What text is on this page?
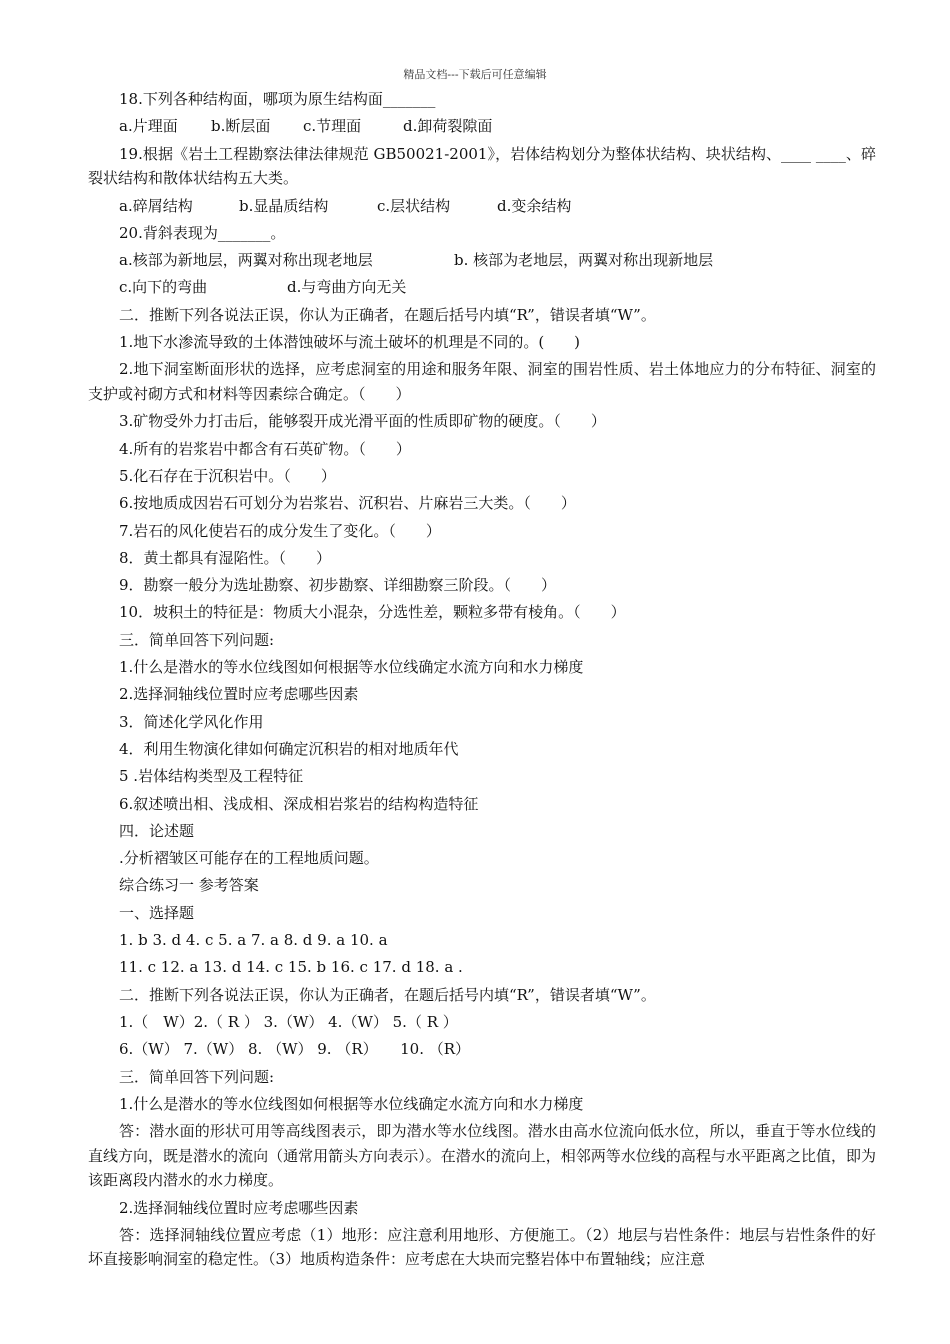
精品文档---下载后可任意编辑
18.下列各种结构面，哪项为原生结构面_______
a.片理面 b.断层面 c.节理面	d.卸荷裂隙面
19.根据《岩土工程勘察法律法律规范 GB50021-2001》，岩体结构划分为整体状结构、块状结构、____ ____、碎裂状结构和散体状结构五大类。
a.碎屑结构	b.显晶质结构	c.层状结构	d.变余结构
20.背斜表现为_______。
a.核部为新地层，两翼对称出现老地层	b. 核部为老地层，两翼对称出现新地层
c.向下的弯曲	d.与弯曲方向无关
二．推断下列各说法正误，你认为正确者，在题后括号内填“R”，错误者填“W”。
1.地下水渗流导致的土体潜蚀破坏与流土破坏的机理是不同的。(　　)
2.地下洞室断面形状的选择，应考虑洞室的用途和服务年限、洞室的围岩性质、岩土体地应力的分布特征、洞室的支护或衬砌方式和材料等因素综合确定。（　　）
3.矿物受外力打击后，能够裂开成光滑平面的性质即矿物的硬度。（　　）
4.所有的岩浆岩中都含有石英矿物。（　　）
5.化石存在于沉积岩中。（　　）
6.按地质成因岩石可划分为岩浆岩、沉积岩、片麻岩三大类。（　　）
7.岩石的风化使岩石的成分发生了变化。（　　）
8．黄土都具有湿陷性。（　　）
9．勘察一般分为选址勘察、初步勘察、详细勘察三阶段。（　　）
10．坡积土的特征是：物质大小混杂，分选性差，颗粒多带有棱角。（　　）
三．简单回答下列问题:
1.什么是潜水的等水位线图如何根据等水位线确定水流方向和水力梯度
2.选择洞轴线位置时应考虑哪些因素
3．简述化学风化作用
4．利用生物演化律如何确定沉积岩的相对地质年代
5 .岩体结构类型及工程特征
6.叙述喷出相、浅成相、深成相岩浆岩的结构构造特征
四．论述题
.分析褶皱区可能存在的工程地质问题。
综合练习一 参考答案
一、选择题
1. b 3. d 4. c 5. a 7. a 8. d 9. a 10. a
11. c 12. a 13. d 14. c 15. b 16. c 17. d 18. a .
二．推断下列各说法正误，你认为正确者，在题后括号内填“R”，错误者填“W”。
1.（　W）2.（ R ） 3.（W） 4.（W） 5.（ R ）
6.（W） 7.（W） 8. （W） 9. （R）　　10. （R）
三．简单回答下列问题:
1.什么是潜水的等水位线图如何根据等水位线确定水流方向和水力梯度
答：潜水面的形状可用等高线图表示，即为潜水等水位线图。潜水由高水位流向低水位，所以，垂直于等水位线的直线方向，既是潜水的流向（通常用箭头方向表示）。在潜水的流向上，相邻两等水位线的高程与水平距离之比值，即为该距离段内潜水的水力梯度。
2.选择洞轴线位置时应考虑哪些因素
答：选择洞轴线位置应考虑（1）地形：应注意利用地形、方便施工。（2）地层与岩性条件：地层与岩性条件的好坏直接影响洞室的稳定性。（3）地质构造条件：应考虑在大块而完整岩体中布置轴线；应注意
